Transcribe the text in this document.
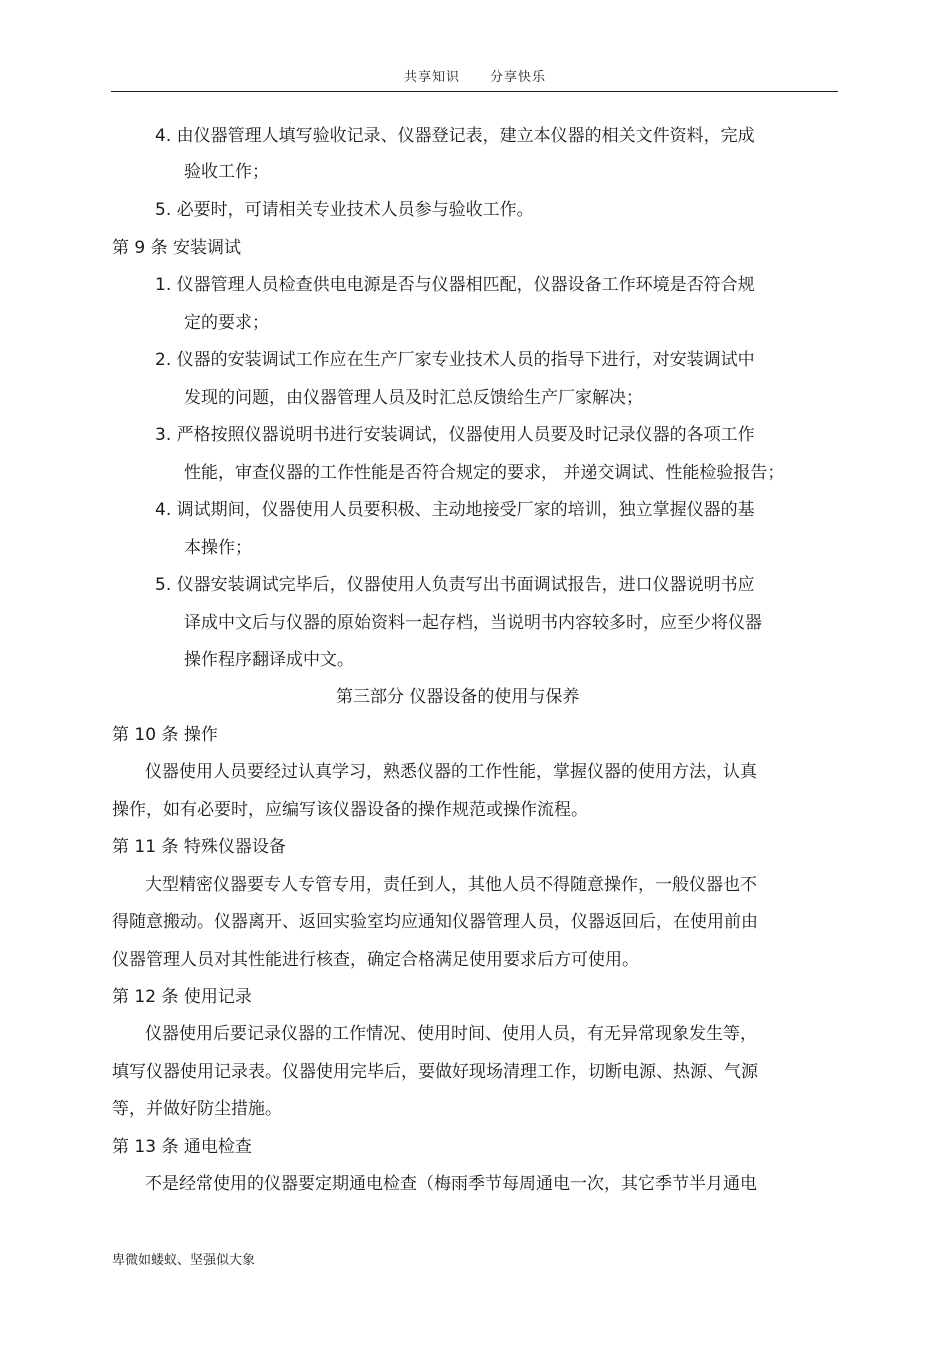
共享知识 分享快乐
4. 由仪器管理人填写验收记录、仪器登记表，建立本仪器的相关文件资料，完成
验收工作；
5. 必要时，可请相关专业技术人员参与验收工作。
第 9 条 安装调试
1. 仪器管理人员检查供电电源是否与仪器相匹配，仪器设备工作环境是否符合规
定的要求；
2. 仪器的安装调试工作应在生产厂家专业技术人员的指导下进行，对安装调试中
发现的问题，由仪器管理人员及时汇总反馈给生产厂家解决；
3. 严格按照仪器说明书进行安装调试，仪器使用人员要及时记录仪器的各项工作
性能，审查仪器的工作性能是否符合规定的要求， 并递交调试、性能检验报告；
4. 调试期间，仪器使用人员要积极、主动地接受厂家的培训，独立掌握仪器的基
本操作；
5. 仪器安装调试完毕后，仪器使用人负责写出书面调试报告，进口仪器说明书应
译成中文后与仪器的原始资料一起存档，当说明书内容较多时，应至少将仪器
操作程序翻译成中文。
第三部分 仪器设备的使用与保养
第 10 条 操作
仪器使用人员要经过认真学习，熟悉仪器的工作性能，掌握仪器的使用方法，认真
操作，如有必要时，应编写该仪器设备的操作规范或操作流程。
第 11 条 特殊仪器设备
大型精密仪器要专人专管专用，责任到人，其他人员不得随意操作，一般仪器也不
得随意搬动。仪器离开、返回实验室均应通知仪器管理人员，仪器返回后，在使用前由
仪器管理人员对其性能进行核查，确定合格满足使用要求后方可使用。
第 12 条 使用记录
仪器使用后要记录仪器的工作情况、使用时间、使用人员，有无异常现象发生等，
填写仪器使用记录表。仪器使用完毕后，要做好现场清理工作，切断电源、热源、气源
等，并做好防尘措施。
第 13 条 通电检查
不是经常使用的仪器要定期通电检查（梅雨季节每周通电一次，其它季节半月通电
卑微如蝼蚁、坚强似大象
